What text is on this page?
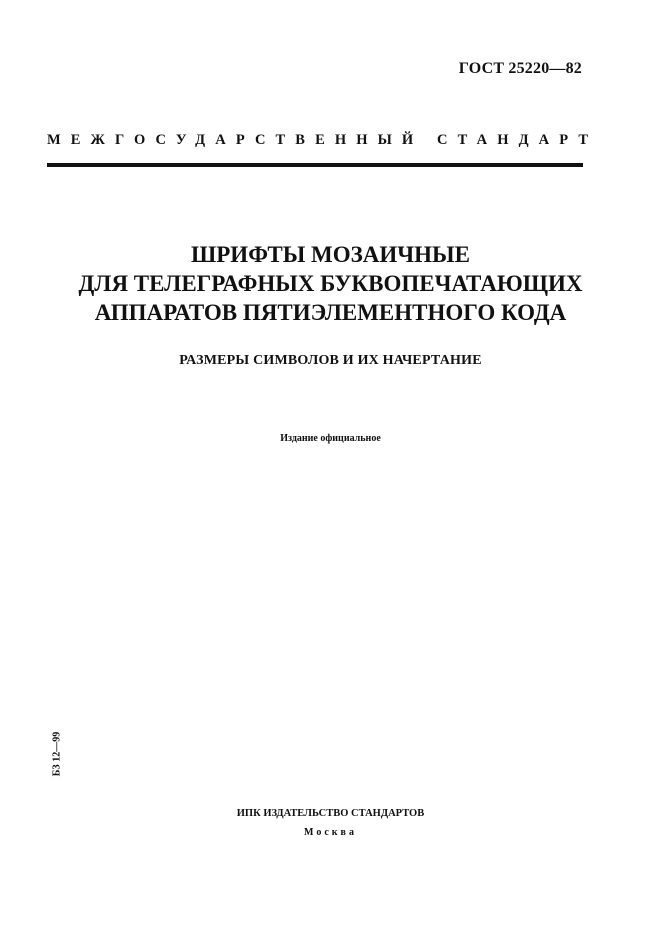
ГОСТ 25220—82
МЕЖГОСУДАРСТВЕННЫЙ СТАНДАРТ
ШРИФТЫ МОЗАИЧНЫЕ
ДЛЯ ТЕЛЕГРАФНЫХ БУКВОПЕЧАТАЮЩИХ
АППАРАТОВ ПЯТИЭЛЕМЕНТНОГО КОДА
РАЗМЕРЫ СИМВОЛОВ И ИХ НАЧЕРТАНИЕ
Издание официальное
БЗ 12—99
ИПК ИЗДАТЕЛЬСТВО СТАНДАРТОВ
Москва
